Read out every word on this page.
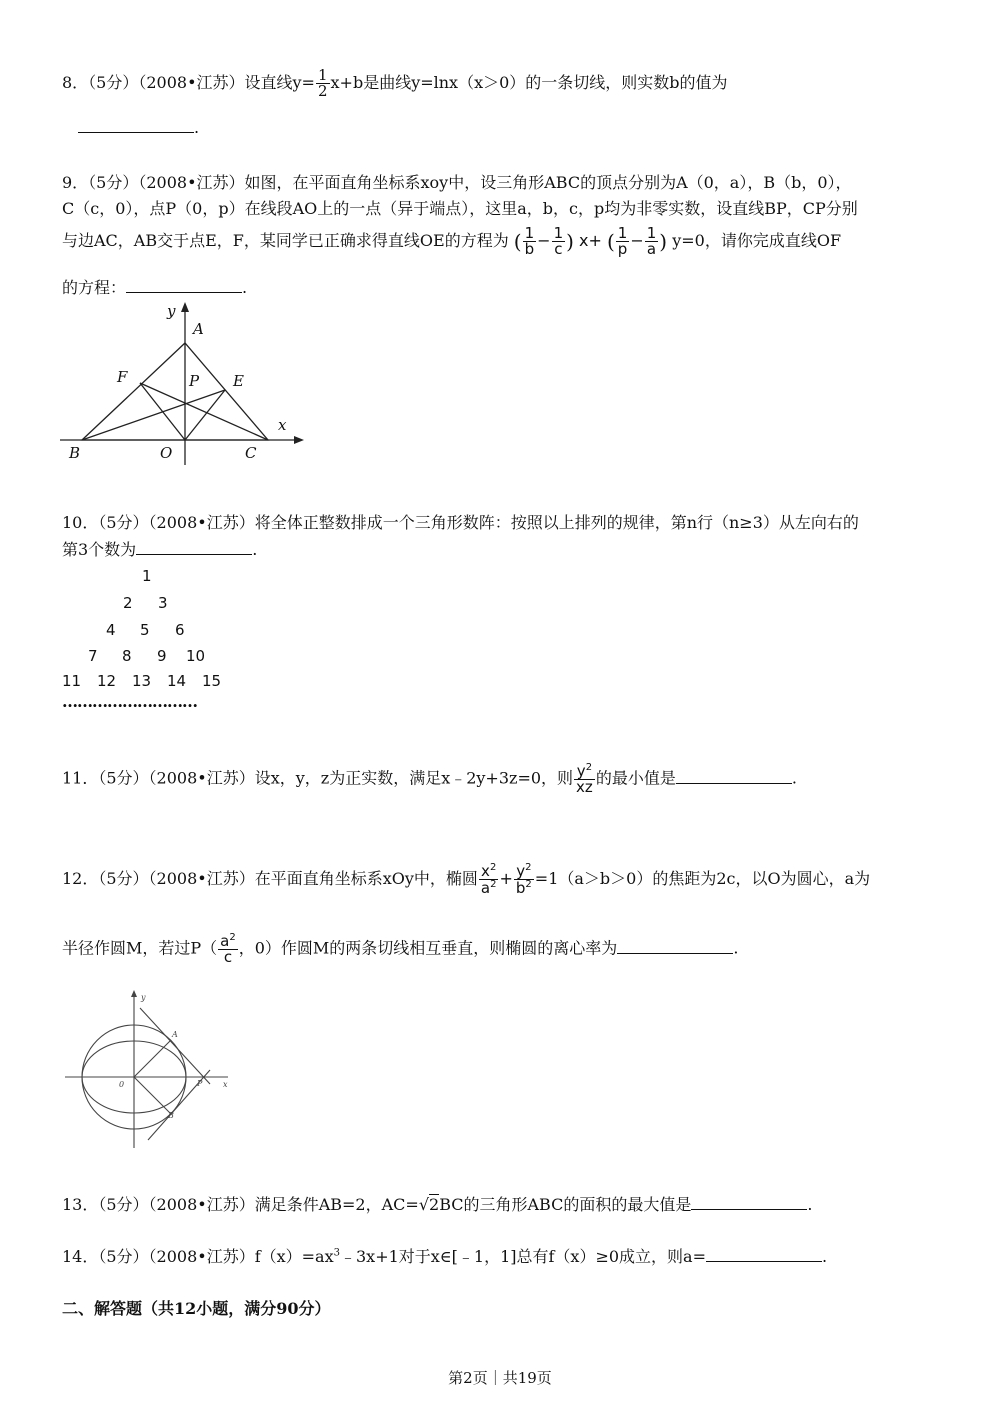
8．（5分）（2008•江苏）设直线$y= \frac{1}{2} x+b$是曲线y=lnx（x＞0）的一条切线，则实数b的值为
.
9．（5分）（2008•江苏）如图，在平面直角坐标系xoy中，设三角形ABC的顶点分别为A（0，a），B（b，0），
C（c，0），点P（0，p）在线段AO上的一点（异于端点），这里a，b，c，p均为非零实数，设直线BP，CP分别
与边AC，AB交于点E，F，某同学已正确求得直线OE的方程为 ( $\frac{1}{b} - \frac{1}{c}$ ) x+ ( $\frac{1}{p} - \frac{1}{a}$ ) y=0，请你完成直线OF
的方程：	.
y
A
F	P E
x
B	O	C
10．（5分）（2008•江苏）将全体正整数排成一个三角形数阵：按照以上排列的规律，第n行（n≥3）从左向右的
第3个数为	.
1
2 3
4 5 6
7 8 9 10
11 12 13 14 15
………………………
11．（5分）（2008•江苏）设x，y，z为正实数，满足x﹣2y+3z=0，则 $\frac{y^2}{xz}$ 的最小值是	.
12．（5分）（2008•江苏）在平面直角坐标系xOy中，椭圆 $\frac{x^2}{a^2} + \frac{y^2}{b^2} =1(a>b>0)$的焦距为2c，以O为圆心，a为
半径作圆M，若过$P( \frac{a^2}{c}$ ，0）作圆M的两条切线相互垂直，则椭圆的离心率为	.
y
A
0	P	x
B
13．（5分）（2008•江苏）满足条件AB=2，AC=√2BC的三角形ABC的面积的最大值是	.
14．（5分）（2008•江苏）$f(x)=ax^3﹣3x+1$对于x∈[﹣1，1]总有f（x）≥0成立，则a=	.
二、解答题（共12小题，满分90分）
第2页｜共19页
